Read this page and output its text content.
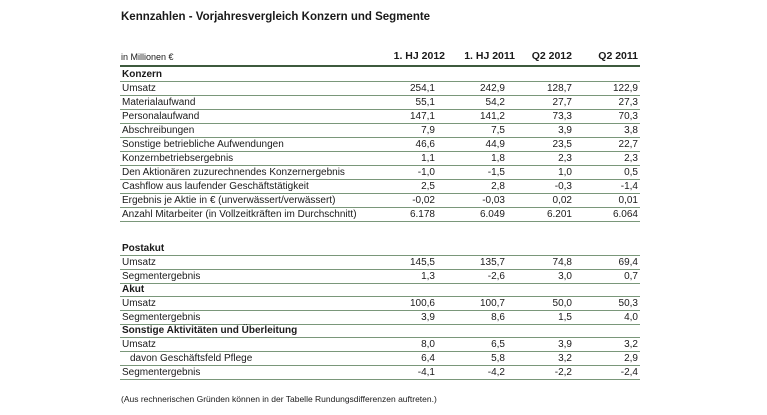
Kennzahlen - Vorjahresvergleich Konzern und Segmente
in Millionen €	1. HJ 2012	1. HJ 2011	Q2 2012	Q2 2011
Konzern
Umsatz	254,1	242,9	128,7	122,9
Materialaufwand	55,1	54,2	27,7	27,3
Personalaufwand	147,1	141,2	73,3	70,3
Abschreibungen	7,9	7,5	3,9	3,8
Sonstige betriebliche Aufwendungen	46,6	44,9	23,5	22,7
Konzernbetriebsergebnis	1,1	1,8	2,3	2,3
Den Aktionären zuzurechnendes Konzernergebnis	-1,0	-1,5	1,0	0,5
Cashflow aus laufender Geschäftstätigkeit	2,5	2,8	-0,3	-1,4
Ergebnis je Aktie in € (unverwässert/verwässert)	-0,02	-0,03	0,02	0,01
Anzahl Mitarbeiter (in Vollzeitkräften im Durchschnitt)	6.178	6.049	6.201	6.064
Postakut
Umsatz	145,5	135,7	74,8	69,4
Segmentergebnis	1,3	-2,6	3,0	0,7
Akut
Umsatz	100,6	100,7	50,0	50,3
Segmentergebnis	3,9	8,6	1,5	4,0
Sonstige Aktivitäten und Überleitung
Umsatz	8,0	6,5	3,9	3,2
davon Geschäftsfeld Pflege	6,4	5,8	3,2	2,9
Segmentergebnis	-4,1	-4,2	-2,2	-2,4
(Aus rechnerischen Gründen können in der Tabelle Rundungsdifferenzen auftreten.)
